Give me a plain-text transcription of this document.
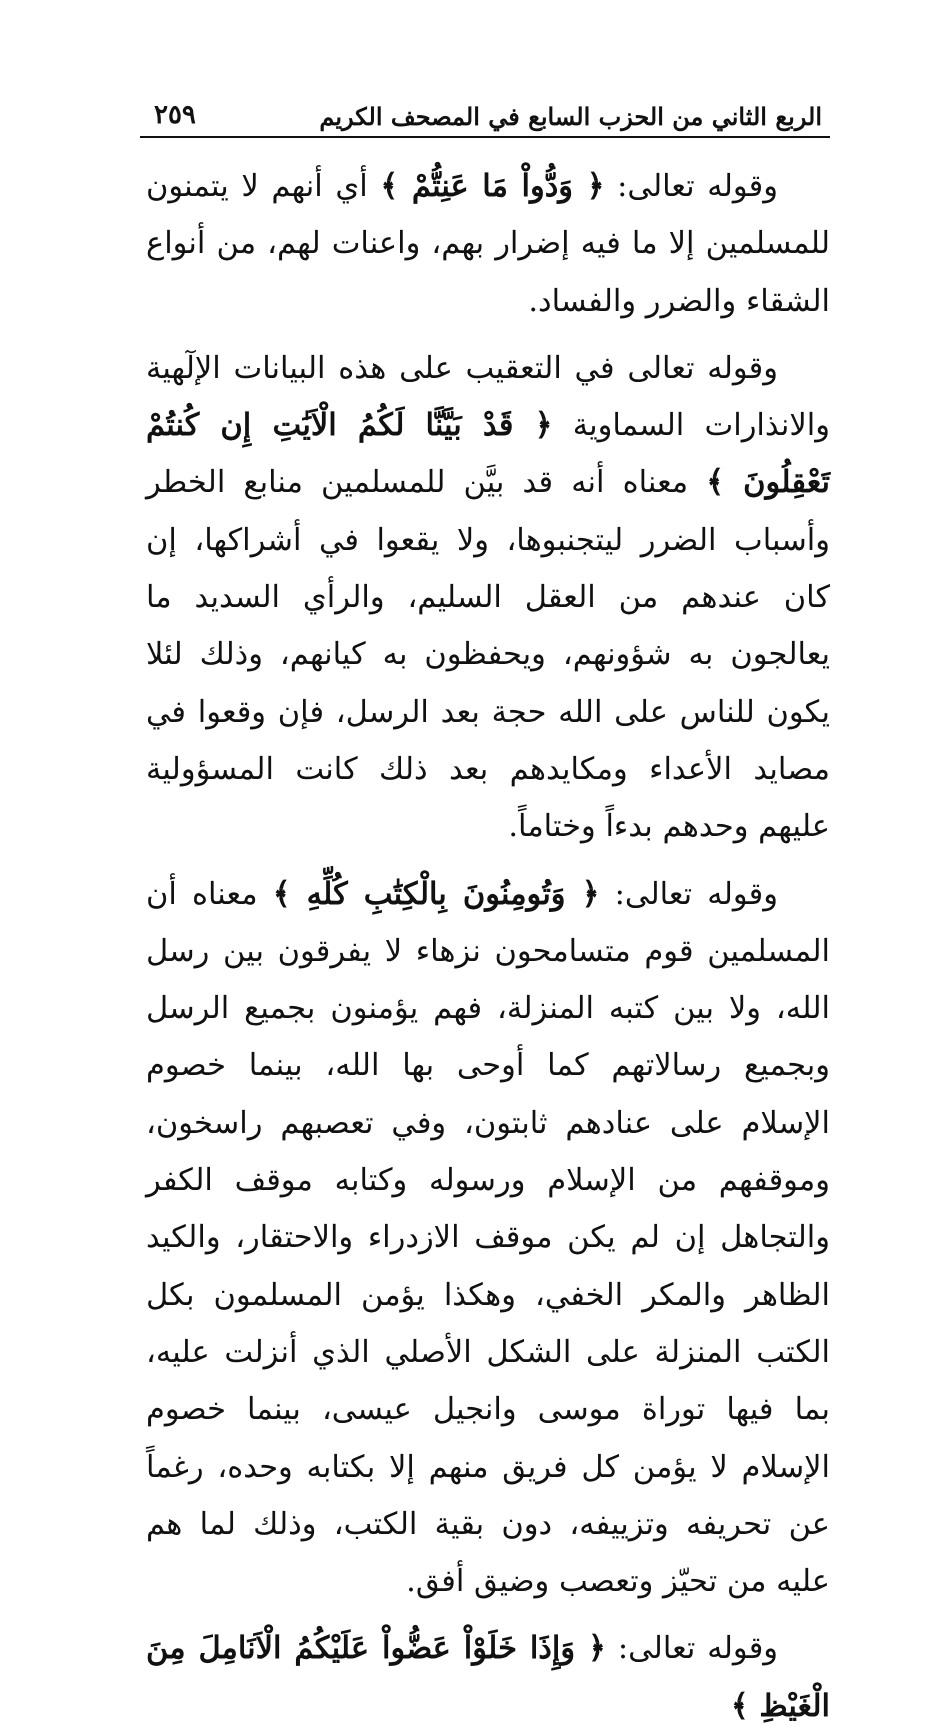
الربع الثاني من الحزب السابع في المصحف الكريم
٢٥٩

وقوله تعالى: ﴿ وَدُّواْ مَا عَنِتُّمْ ﴾ أي أنهم لا يتمنون للمسلمين إلا ما فيه إضرار بهم، واعنات لهم، من أنواع الشقاء والضرر والفساد.

وقوله تعالى في التعقيب على هذه البيانات الإلٓهية والانذارات السماوية ﴿ قَدْ بَيَّنَّا لَكُمُ الْاَيَٰتِ إِن كُنتُمْ تَعْقِلُونَ ﴾ معناه أنه قد بيَّن للمسلمين منابع الخطر وأسباب الضرر ليتجنبوها، ولا يقعوا في أشراكها، إن كان عندهم من العقل السليم، والرأي السديد ما يعالجون به شؤونهم، ويحفظون به كيانهم، وذلك لئلا يكون للناس على الله حجة بعد الرسل، فإن وقعوا في مصايد الأعداء ومكايدهم بعد ذلك كانت المسؤولية عليهم وحدهم بدءاً وختاماً.

وقوله تعالى: ﴿ وَتُومِنُونَ بِالْكِتَٰبِ كُلِّهِ ﴾ معناه أن المسلمين قوم متسامحون نزهاء لا يفرقون بين رسل الله، ولا بين كتبه المنزلة، فهم يؤمنون بجميع الرسل وبجميع رسالاتهم كما أوحى بها الله، بينما خصوم الإسلام على عنادهم ثابتون، وفي تعصبهم راسخون، وموقفهم من الإسلام ورسوله وكتابه موقف الكفر والتجاهل إن لم يكن موقف الازدراء والاحتقار، والكيد الظاهر والمكر الخفي، وهكذا يؤمن المسلمون بكل الكتب المنزلة على الشكل الأصلي الذي أنزلت عليه، بما فيها توراة موسى وانجيل عيسى، بينما خصوم الإسلام لا يؤمن كل فريق منهم إلا بكتابه وحده، رغماً عن تحريفه وتزييفه، دون بقية الكتب، وذلك لما هم عليه من تحيّز وتعصب وضيق أفق.

وقوله تعالى: ﴿ وَإِذَا خَلَوْاْ عَضُّواْ عَلَيْكُمُ الْاَنَامِلَ مِنَ الْغَيْظِ ﴾
